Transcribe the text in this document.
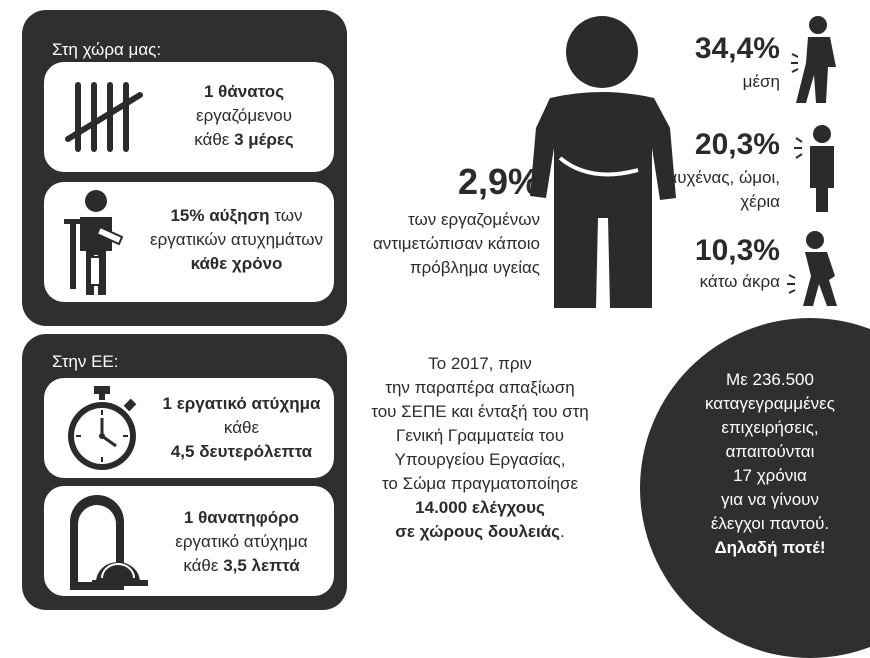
Στη χώρα μας:
1 θάνατος
εργαζόμενου
κάθε 3 μέρες
15% αύξηση των
εργατικών ατυχημάτων
κάθε χρόνο
Στην ΕΕ:
1 εργατικό ατύχημα
κάθε
4,5 δευτερόλεπτα
1 θανατηφόρο
εργατικό ατύχημα
κάθε 3,5 λεπτά
2,9%
των εργαζομένων
αντιμετώπισαν κάποιο
πρόβλημα υγείας
34,4%
μέση
20,3%
αυχένας, ώμοι,
χέρια
10,3%
κάτω άκρα
Το 2017, πριν
την παραπέρα απαξίωση
του ΣΕΠΕ και ένταξή του στη
Γενική Γραμματεία του
Υπουργείου Εργασίας,
το Σώμα πραγματοποίησε
14.000 ελέγχους
σε χώρους δουλειάς.
Με 236.500
καταγεγραμμένες
επιχειρήσεις,
απαιτούνται
17 χρόνια
για να γίνουν
έλεγχοι παντού.
Δηλαδή ποτέ!
